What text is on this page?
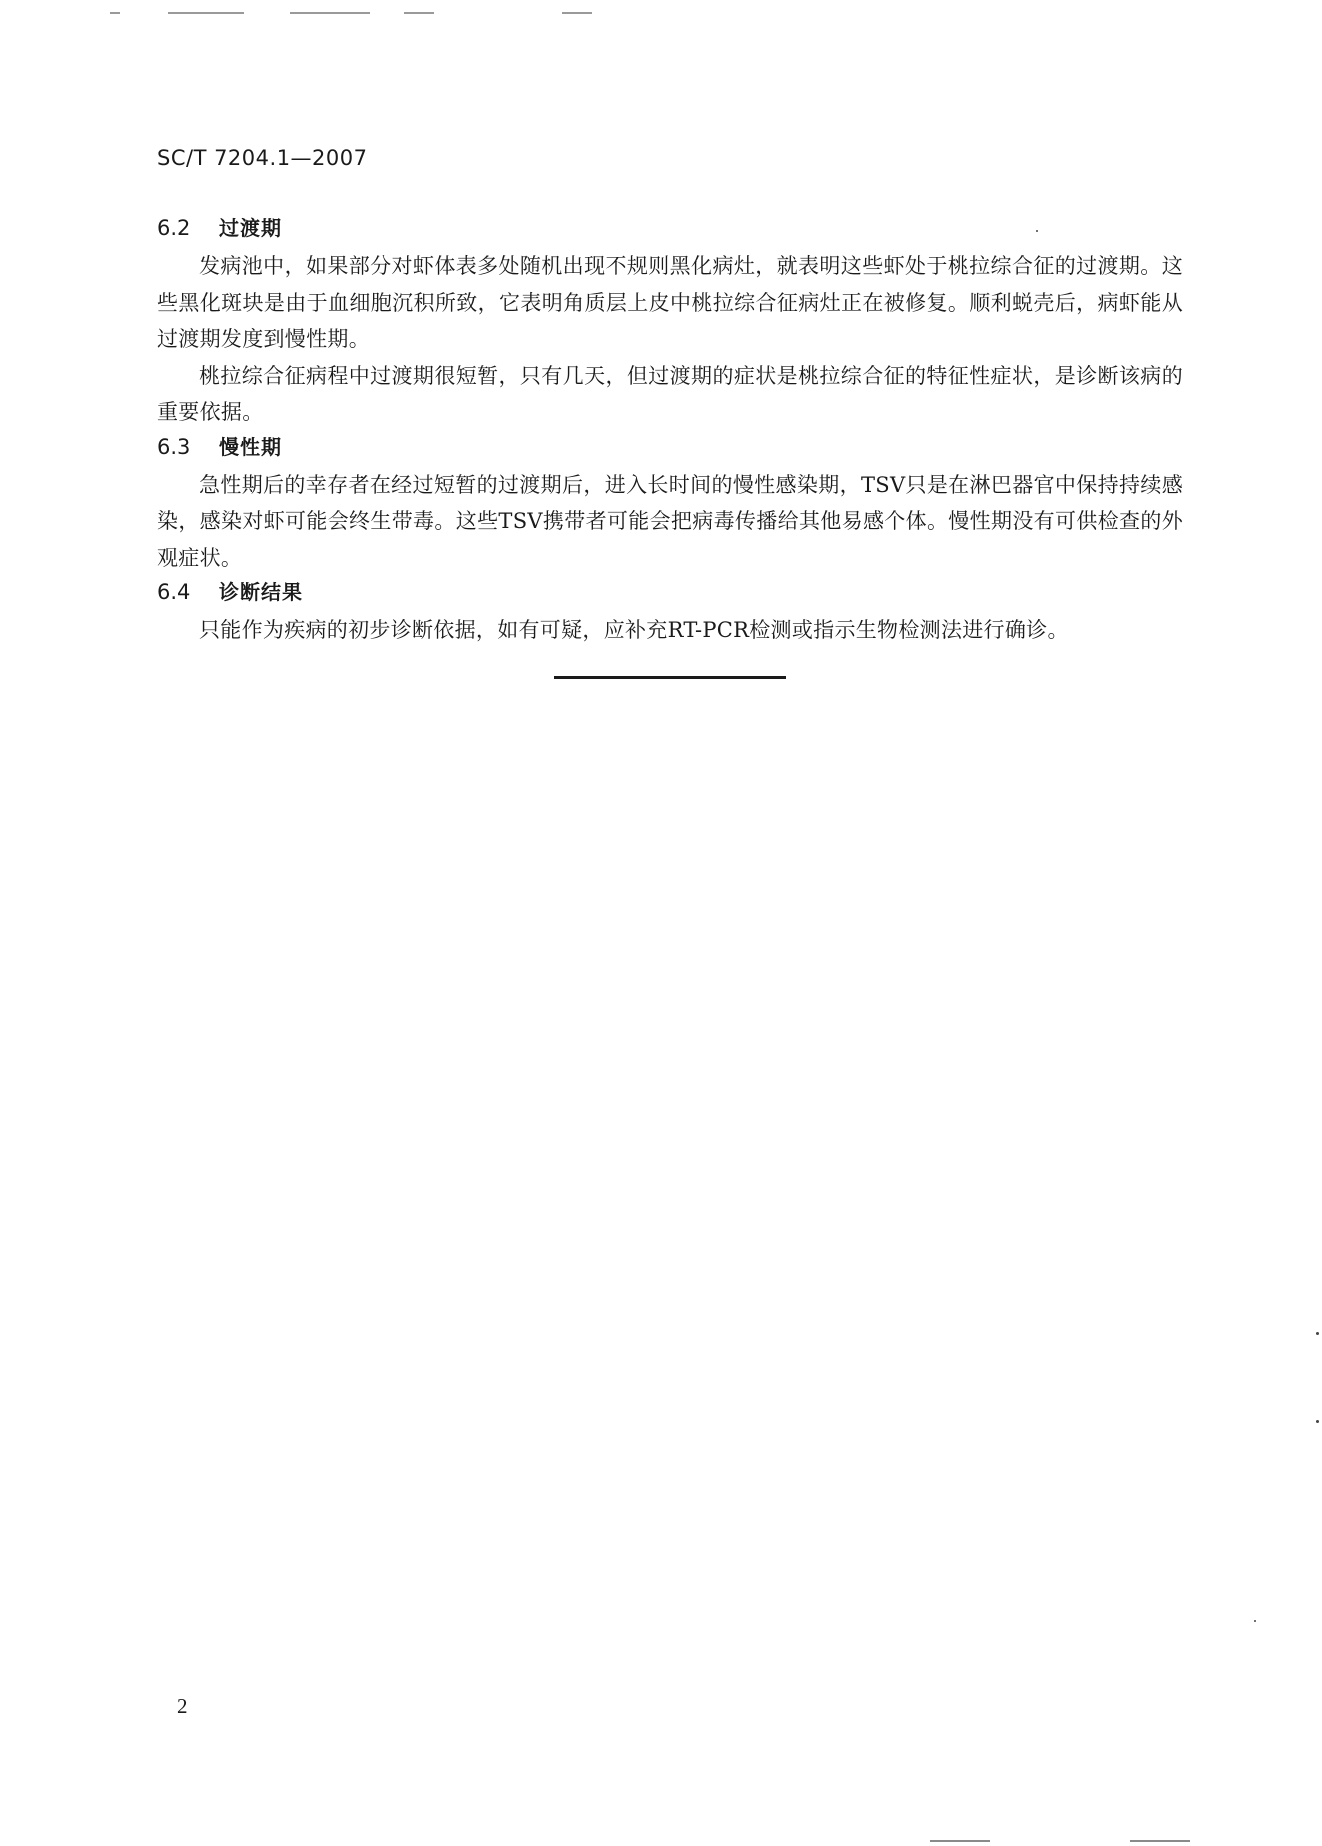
SC/T 7204.1—2007
6.2	过渡期

发病池中，如果部分对虾体表多处随机出现不规则黑化病灶，就表明这些虾处于桃拉综合征的过渡期。这些黑化斑块是由于血细胞沉积所致，它表明角质层上皮中桃拉综合征病灶正在被修复。顺利蜕壳后，病虾能从过渡期发度到慢性期。

桃拉综合征病程中过渡期很短暂，只有几天，但过渡期的症状是桃拉综合征的特征性症状，是诊断该病的重要依据。

6.3	慢性期

急性期后的幸存者在经过短暂的过渡期后，进入长时间的慢性感染期，TSV只是在淋巴器官中保持持续感染，感染对虾可能会终生带毒。这些TSV携带者可能会把病毒传播给其他易感个体。慢性期没有可供检查的外观症状。

6.4	诊断结果

只能作为疾病的初步诊断依据，如有可疑，应补充RT-PCR检测或指示生物检测法进行确诊。

2
